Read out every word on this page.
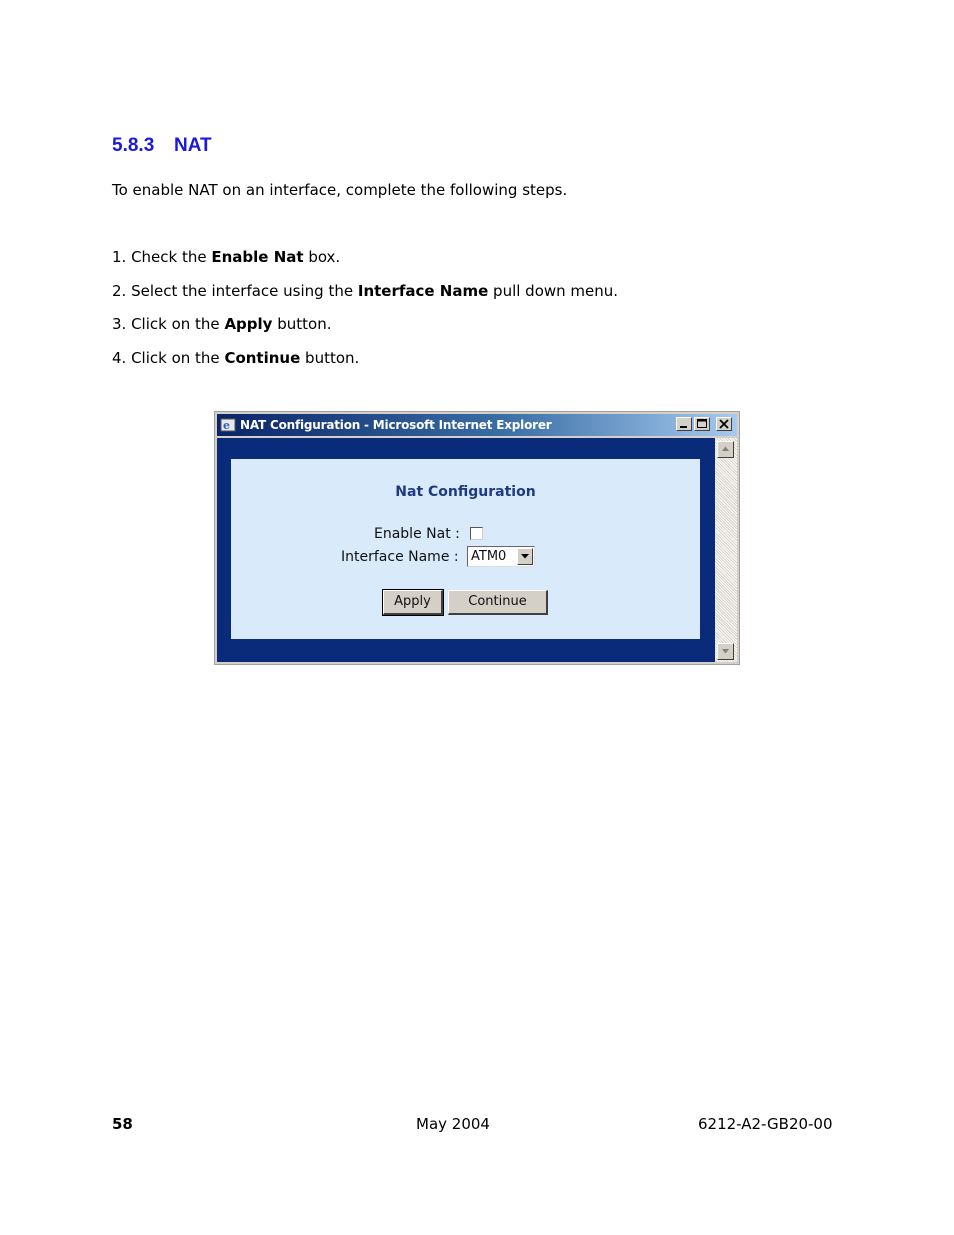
5.8.3 NAT

To enable NAT on an interface, complete the following steps.

1. Check the Enable Nat box.
2. Select the interface using the Interface Name pull down menu.
3. Click on the Apply button.
4. Click on the Continue button.
e NAT Configuration - Microsoft Internet Explorer
Nat Configuration
Enable Nat :
Interface Name : ATM0
Apply	Continue
58	May 2004	6212-A2-GB20-00
